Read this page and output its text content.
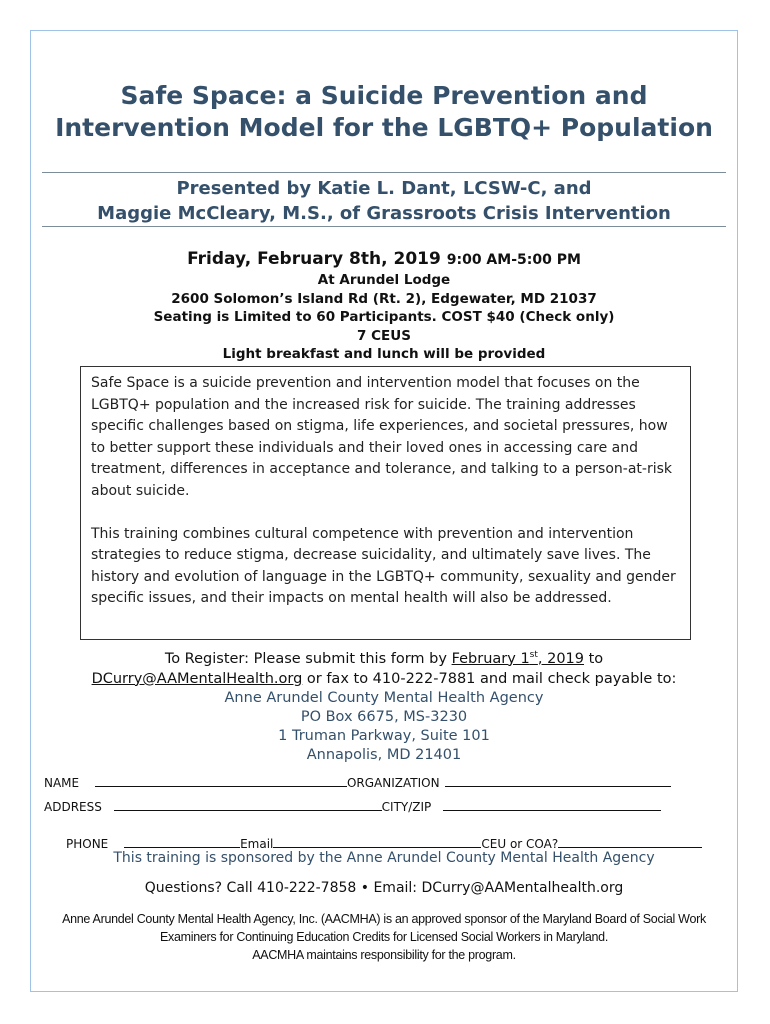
Safe Space: a Suicide Prevention and
Intervention Model for the LGBTQ+ Population
Presented by Katie L. Dant, LCSW-C, and
Maggie McCleary, M.S., of Grassroots Crisis Intervention
Friday, February 8th, 2019 9:00 AM-5:00 PM
At Arundel Lodge
2600 Solomon’s Island Rd (Rt. 2), Edgewater, MD 21037
Seating is Limited to 60 Participants. COST $40 (Check only)
7 CEUS
Light breakfast and lunch will be provided

Safe Space is a suicide prevention and intervention model that focuses on the LGBTQ+ population and the increased risk for suicide. The training addresses specific challenges based on stigma, life experiences, and societal pressures, how to better support these individuals and their loved ones in accessing care and treatment, differences in acceptance and tolerance, and talking to a person-at-risk about suicide.

This training combines cultural competence with prevention and intervention strategies to reduce stigma, decrease suicidality, and ultimately save lives. The history and evolution of language in the LGBTQ+ community, sexuality and gender specific issues, and their impacts on mental health will also be addressed.

To Register: Please submit this form by February 1st, 2019 to
DCurry@AAMentalHealth.org or fax to 410-222-7881 and mail check payable to:
Anne Arundel County Mental Health Agency
PO Box 6675, MS-3230
1 Truman Parkway, Suite 101
Annapolis, MD 21401
NAME	ORGANIZATION
ADDRESS	CITY/ZIP
PHONE	Email	CEU or COA?
This training is sponsored by the Anne Arundel County Mental Health Agency
Questions? Call 410-222-7858 • Email: DCurry@AAMentalhealth.org
Anne Arundel County Mental Health Agency, Inc. (AACMHA) is an approved sponsor of the Maryland Board of Social Work
Examiners for Continuing Education Credits for Licensed Social Workers in Maryland.
AACMHA maintains responsibility for the program.
